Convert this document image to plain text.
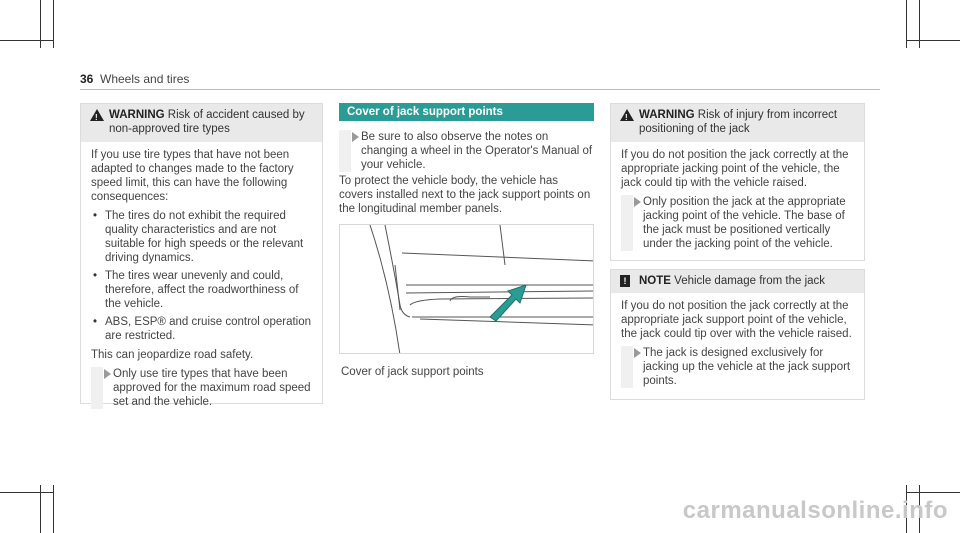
36 Wheels and tires
!
WARNING Risk of accident caused by non-approved tire types

If you use tire types that have not been adapted to changes made to the factory speed limit, this can have the following consequences:

• The tires do not exhibit the required quality characteristics and are not suitable for high speeds or the relevant driving dynamics.
• The tires wear unevenly and could, therefore, affect the roadworthiness of the vehicle.
• ABS, ESP® and cruise control operation are restricted.

This can jeopardize road safety.

Only use tire types that have been approved for the maximum road speed set and the vehicle.
Cover of jack support points
Be sure to also observe the notes on changing a wheel in the Operator's Manual of your vehicle.

To protect the vehicle body, the vehicle has covers installed next to the jack support points on the longitudinal member panels.

Cover of jack support points
!
WARNING Risk of injury from incorrect positioning of the jack

If you do not position the jack correctly at the appropriate jacking point of the vehicle, the jack could tip with the vehicle raised.

Only position the jack at the appropriate jacking point of the vehicle. The base of the jack must be positioned vertically under the jacking point of the vehicle.
!	NOTE Vehicle damage from the jack

If you do not position the jack correctly at the appropriate jack support point of the vehicle, the jack could tip over with the vehicle raised.

The jack is designed exclusively for jacking up the vehicle at the jack support points.
carmanualsonline.info
